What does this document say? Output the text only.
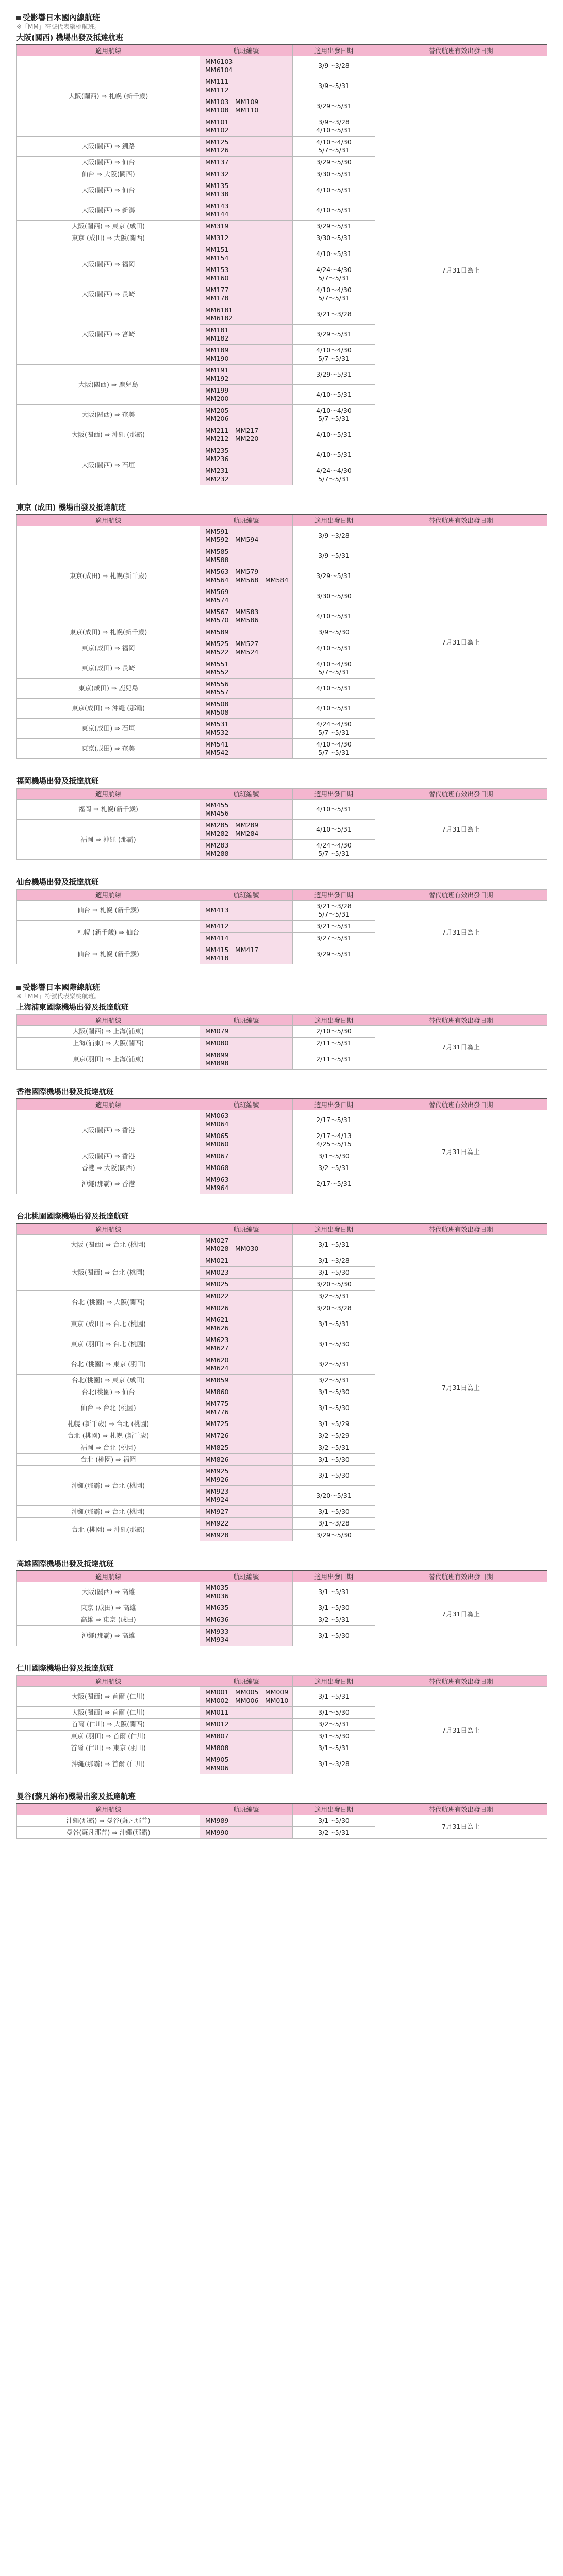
受影響日本國內線航班
※「MM」符號代表樂桃航班。
大阪(關西) 機場出發及抵達航班
適用航線	航班編號	適用出發日期	替代航班有效出發日期
大阪(關西) ⇒ 札幌 (新千歲)	MM6103
MM6104	3/9〜3/28	7月31日為止
	MM111
MM112	3/9〜5/31	
	MM103　MM109
MM108　MM110	3/29〜5/31	
	MM101
MM102	3/9〜3/28
4/10〜5/31	
大阪(關西) ⇒ 釧路	MM125
MM126	4/10〜4/30
5/7〜5/31	
大阪(關西) ⇒ 仙台	MM137	3/29〜5/30	
仙台 ⇒ 大阪(關西)	MM132	3/30〜5/31	
大阪(關西) ⇒ 仙台	MM135
MM138	4/10〜5/31	
大阪(關西) ⇒ 新潟	MM143
MM144	4/10〜5/31	
大阪(關西) ⇒ 東京 (成田)	MM319	3/29〜5/31	
東京 (成田) ⇒ 大阪(關西)	MM312	3/30〜5/31	
大阪(關西) ⇒ 福岡	MM151
MM154	4/10〜5/31	
	MM153
MM160	4/24〜4/30
5/7〜5/31	
大阪(關西) ⇒ 長崎	MM177
MM178	4/10〜4/30
5/7〜5/31	
大阪(關西) ⇒ 宮崎	MM6181
MM6182	3/21〜3/28	
	MM181
MM182	3/29〜5/31	
	MM189
MM190	4/10〜4/30
5/7〜5/31	
大阪(關西) ⇒ 鹿兒島	MM191
MM192	3/29〜5/31	
	MM199
MM200	4/10〜5/31	
大阪(關西) ⇒ 奄美	MM205
MM206	4/10〜4/30
5/7〜5/31	
大阪(關西) ⇒ 沖繩 (那霸)	MM211　MM217
MM212　MM220	4/10〜5/31	
大阪(關西) ⇒ 石垣	MM235
MM236	4/10〜5/31	
	MM231
MM232	4/24〜4/30
5/7〜5/31	
東京 (成田) 機場出發及抵達航班
適用航線	航班編號	適用出發日期	替代航班有效出發日期
東京(成田) ⇒ 札幌(新千歲)	MM591
MM592　MM594	3/9〜3/28	7月31日為止
	MM585
MM588	3/9〜5/31	
	MM563　MM579
MM564　MM568　MM584	3/29〜5/31	
	MM569
MM574	3/30〜5/30	
	MM567　MM583
MM570　MM586	4/10〜5/31	
東京(成田) ⇒ 札幌(新千歲)	MM589	3/9〜5/30	
東京(成田) ⇒ 福岡	MM525　MM527
MM522　MM524	4/10〜5/31	
東京(成田) ⇒ 長崎	MM551
MM552	4/10〜4/30
5/7〜5/31	
東京(成田) ⇒ 鹿兒島	MM556
MM557	4/10〜5/31	
東京(成田) ⇒ 沖繩 (那霸)	MM508
MM508	4/10〜5/31	
東京(成田) ⇒ 石垣	MM531
MM532	4/24〜4/30
5/7〜5/31	
東京(成田) ⇒ 奄美	MM541
MM542	4/10〜4/30
5/7〜5/31	
福岡機場出發及抵達航班
適用航線	航班編號	適用出發日期	替代航班有效出發日期
福岡 ⇒ 札幌(新千歲)	MM455
MM456	4/10〜5/31	7月31日為止
福岡 ⇒ 沖繩 (那霸)	MM285　MM289
MM282　MM284	4/10〜5/31	
	MM283
MM288	4/24〜4/30
5/7〜5/31	
仙台機場出發及抵達航班
適用航線	航班編號	適用出發日期	替代航班有效出發日期
仙台 ⇒ 札幌 (新千歲)	MM413	3/21〜3/28
5/7〜5/31	7月31日為止
札幌 (新千歲) ⇒ 仙台	MM412	3/21〜5/31	
	MM414	3/27〜5/31	
仙台 ⇒ 札幌 (新千歲)	MM415　MM417
MM418	3/29〜5/31	
受影響日本國際線航班
※「MM」符號代表樂桃航班。
上海浦東國際機場出發及抵達航班
適用航線	航班編號	適用出發日期	替代航班有效出發日期
大阪(關西) ⇒ 上海(浦東)	MM079	2/10〜5/30	7月31日為止
上海(浦東) ⇒ 大阪(關西)	MM080	2/11〜5/31	
東京(羽田) ⇒ 上海(浦東)	MM899
MM898	2/11〜5/31	
香港國際機場出發及抵達航班
適用航線	航班編號	適用出發日期	替代航班有效出發日期
大阪(關西) ⇒ 香港	MM063
MM064	2/17〜5/31	7月31日為止
	MM065
MM060	2/17〜4/13
4/25〜5/15	
大阪(關西) ⇒ 香港	MM067	3/1〜5/30	
香港 ⇒ 大阪(關西)	MM068	3/2〜5/31	
沖繩(那霸) ⇒ 香港	MM963
MM964	2/17〜5/31	
台北桃園國際機場出發及抵達航班
適用航線	航班編號	適用出發日期	替代航班有效出發日期
大阪 (關西) ⇒ 台北 (桃園)	MM027
MM028　MM030	3/1〜5/31	7月31日為止
大阪(關西) ⇒ 台北 (桃園)	MM021	3/1〜3/28	
	MM023	3/1〜5/30	
	MM025	3/20〜5/30	
台北 (桃園) ⇒ 大阪(關西)	MM022	3/2〜5/31	
	MM026	3/20〜3/28	
東京 (成田) ⇒ 台北 (桃園)	MM621
MM626	3/1〜5/31	
東京 (羽田) ⇒ 台北 (桃園)	MM623
MM627	3/1〜5/30	
台北 (桃園) ⇒ 東京 (羽田)	MM620
MM624	3/2〜5/31	
台北(桃園) ⇒ 東京 (成田)	MM859	3/2〜5/31	
台北(桃園) ⇒ 仙台	MM860	3/1〜5/30	
仙台 ⇒ 台北 (桃園)	MM775
MM776	3/1〜5/30	
札幌 (新千歲) ⇒ 台北 (桃園)	MM725	3/1〜5/29	
台北 (桃園) ⇒ 札幌 (新千歲)	MM726	3/2〜5/29	
福岡 ⇒ 台北 (桃園)	MM825	3/2〜5/31	
台北 (桃園) ⇒ 福岡	MM826	3/1〜5/30	
沖繩(那霸) ⇒ 台北 (桃園)	MM925
MM926	3/1〜5/30	
	MM923
MM924	3/20〜5/31	
沖繩(那霸) ⇒ 台北 (桃園)	MM927	3/1〜5/30	
台北 (桃園) ⇒ 沖繩(那霸)	MM922	3/1〜3/28	
	MM928	3/29〜5/30	
高雄國際機場出發及抵達航班
適用航線	航班編號	適用出發日期	替代航班有效出發日期
大阪(關西) ⇒ 高雄	MM035
MM036	3/1〜5/31	7月31日為止
東京 (成田) ⇒ 高雄	MM635	3/1〜5/30	
高雄 ⇒ 東京 (成田)	MM636	3/2〜5/31	
沖繩(那霸) ⇒ 高雄	MM933
MM934	3/1〜5/30	
仁川國際機場出發及抵達航班
適用航線	航班編號	適用出發日期	替代航班有效出發日期
大阪(關西) ⇒ 首爾 (仁川)	MM001　MM005　MM009
MM002　MM006　MM010	3/1〜5/31	7月31日為止
大阪(關西) ⇒ 首爾 (仁川)	MM011	3/1〜5/30	
首爾 (仁川) ⇒ 大阪(關西)	MM012	3/2〜5/31	
東京 (羽田) ⇒ 首爾 (仁川)	MM807	3/1〜5/30	
首爾 (仁川) ⇒ 東京 (羽田)	MM808	3/1〜5/31	
沖繩(那霸) ⇒ 首爾 (仁川)	MM905
MM906	3/1〜3/28	
曼谷(蘇凡納布)機場出發及抵達航班
適用航線	航班編號	適用出發日期	替代航班有效出發日期
沖繩(那霸) ⇒ 曼谷(蘇凡那普)	MM989	3/1〜5/30	7月31日為止
曼谷(蘇凡那普) ⇒ 沖繩(那霸)	MM990	3/2〜5/31	
